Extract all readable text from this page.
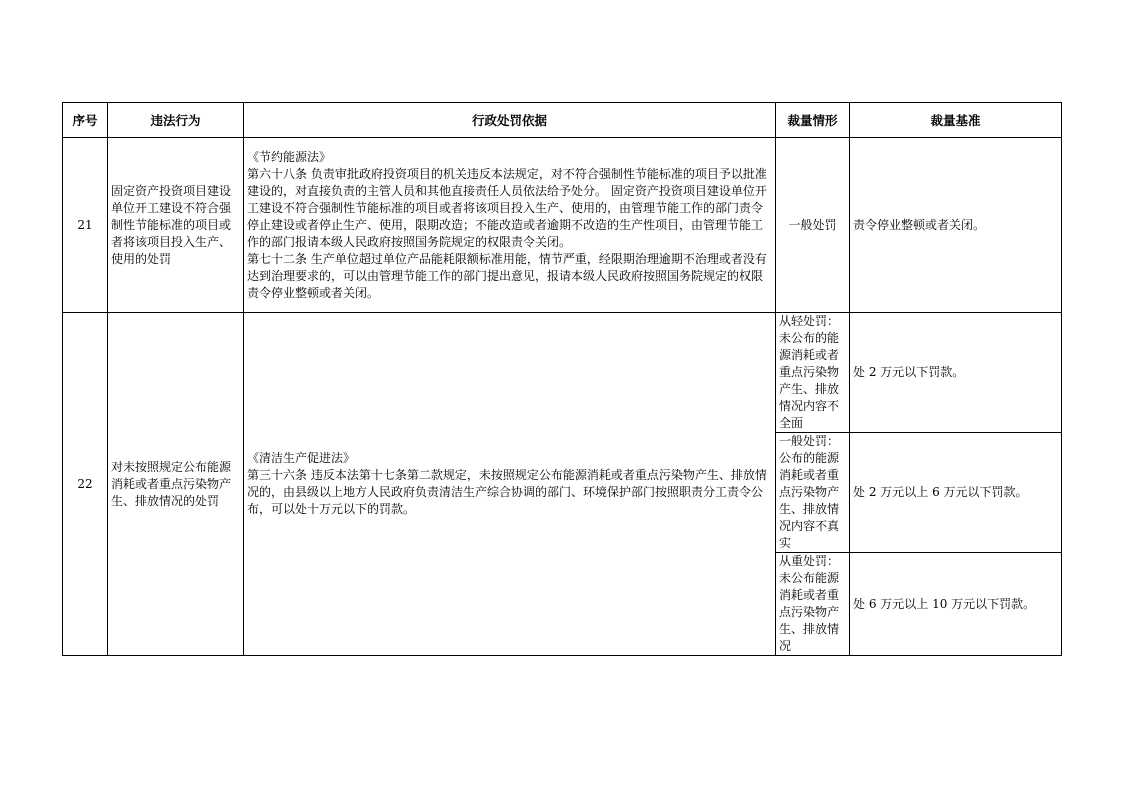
序号	违法行为	行政处罚依据	裁量情形	裁量基准
21	固定资产投资项目建设单位开工建设不符合强制性节能标准的项目或者将该项目投入生产、使用的处罚	《节约能源法》
第六十八条 负责审批政府投资项目的机关违反本法规定，对不符合强制性节能标准的项目予以批准建设的，对直接负责的主管人员和其他直接责任人员依法给予处分。 固定资产投资项目建设单位开工建设不符合强制性节能标准的项目或者将该项目投入生产、使用的，由管理节能工作的部门责令停止建设或者停止生产、使用，限期改造；不能改造或者逾期不改造的生产性项目，由管理节能工作的部门报请本级人民政府按照国务院规定的权限责令关闭。
第七十二条 生产单位超过单位产品能耗限额标准用能，情节严重，经限期治理逾期不治理或者没有达到治理要求的，可以由管理节能工作的部门提出意见，报请本级人民政府按照国务院规定的权限责令停业整顿或者关闭。	一般处罚	责令停业整顿或者关闭。
22	对未按照规定公布能源消耗或者重点污染物产生、排放情况的处罚	《清洁生产促进法》
第三十六条 违反本法第十七条第二款规定，未按照规定公布能源消耗或者重点污染物产生、排放情况的，由县级以上地方人民政府负责清洁生产综合协调的部门、环境保护部门按照职责分工责令公布，可以处十万元以下的罚款。	从轻处罚：未公布的能源消耗或者重点污染物产生、排放情况内容不全面	处 2 万元以下罚款。

			一般处罚：公布的能源消耗或者重点污染物产生、排放情况内容不真实	处 2 万元以上 6 万元以下罚款。

			从重处罚：未公布能源消耗或者重点污染物产生、排放情况	处 6 万元以上 10 万元以下罚款。
